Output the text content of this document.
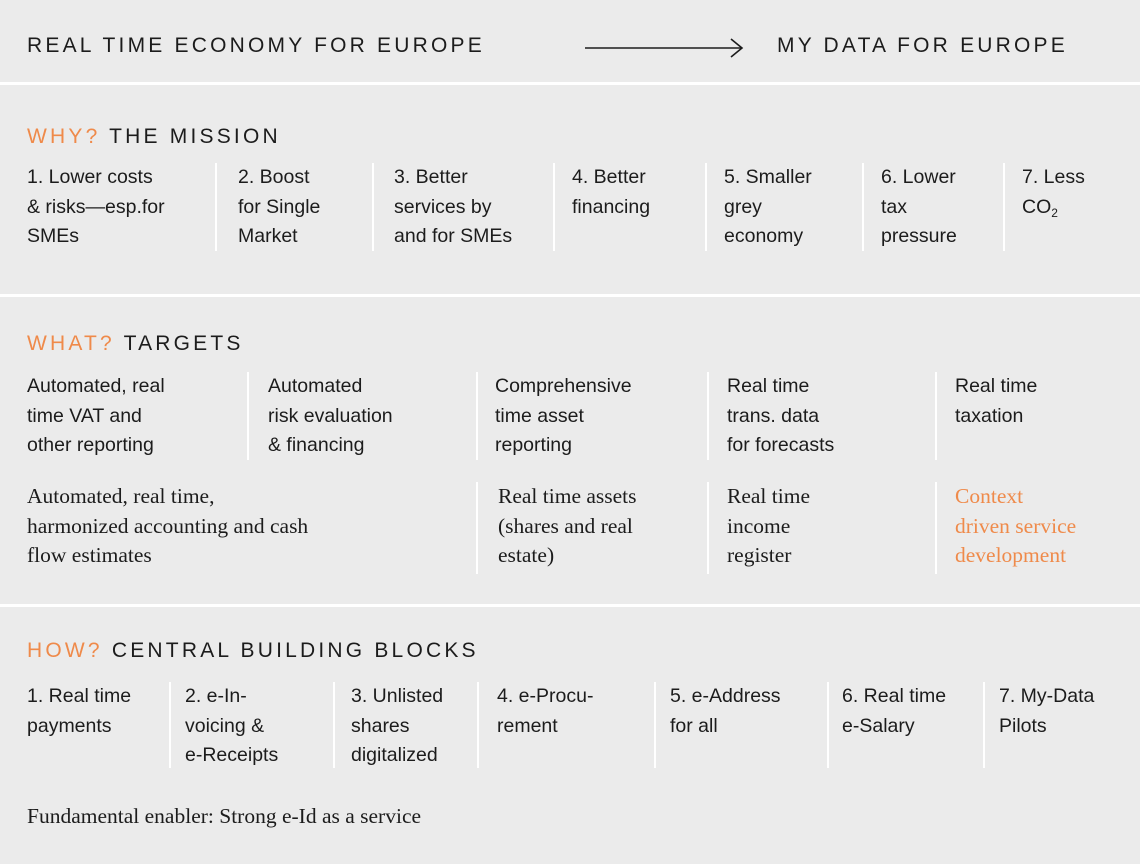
REAL TIME ECONOMY FOR EUROPE	MY DATA FOR EUROPE
WHY? THE MISSION
1. Lower costs
& risks—esp.for
SMEs
2. Boost
for Single
Market
3. Better
services by
and for SMEs
4. Better
financing
5. Smaller
grey
economy
6. Lower
tax
pressure
7. Less
$CO_2$
WHAT? TARGETS
Automated, real
time VAT and
other reporting
Automated
risk evaluation
& financing
Comprehensive
time asset
reporting
Real time
trans. data
for forecasts
Real time
taxation
Automated, real time,
harmonized accounting and cash
flow estimates
Real time assets
(shares and real
estate)
Real time
income
register
Context
driven service
development
HOW? CENTRAL BUILDING BLOCKS
1. Real time
payments
2. e-In-
voicing &
e-Receipts
3. Unlisted
shares
digitalized
4. e-Procu-
rement
5. e-Address
for all
6. Real time
e-Salary
7. My-Data
Pilots
Fundamental enabler: Strong e-Id as a service
